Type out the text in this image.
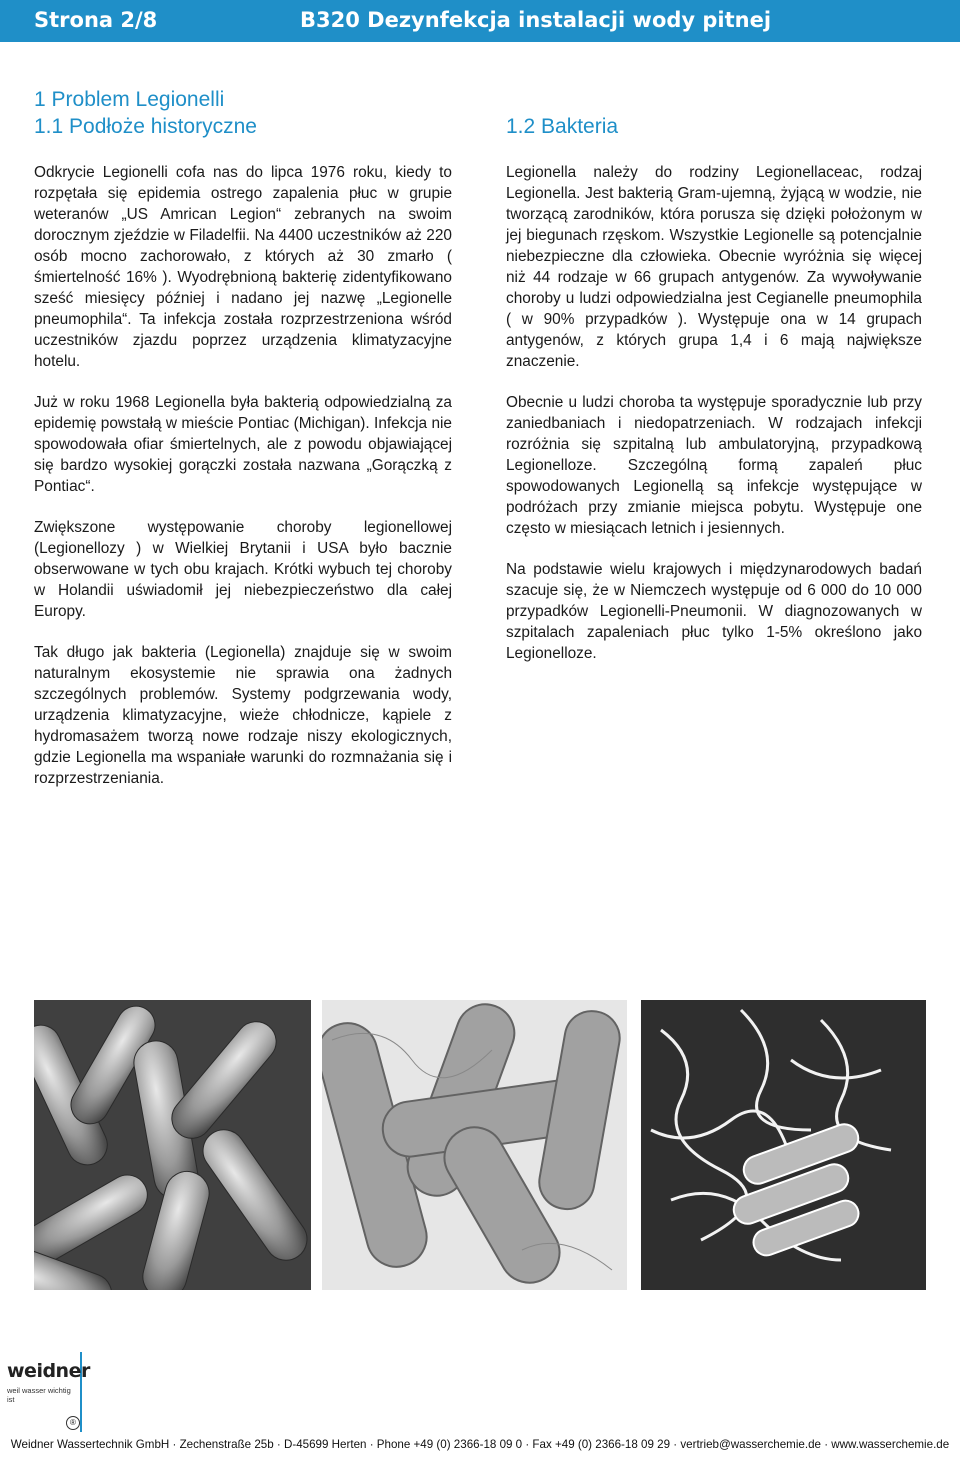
Strona 2/8	B320 Dezynfekcja instalacji wody pitnej
1 Problem Legionelli
1.1 Podłoże historyczne	1.2 Bakteria

Odkrycie Legionelli cofa nas do lipca 1976 roku, kiedy to rozpętała się epidemia ostrego zapalenia płuc w grupie weteranów „US Amrican Legion“ zebranych na swoim dorocznym zjeździe w Filadelfii. Na 4400 uczestników aż 220 osób mocno zachorowało, z których aż 30 zmarło ( śmiertelność 16% ). Wyodrębnioną bakterię zidentyfikowano sześć miesięcy później i nadano jej nazwę „Legionelle pneumophila“. Ta infekcja została rozprzestrzeniona wśród uczestników zjazdu poprzez urządzenia klimatyzacyjne hotelu.

Już w roku 1968 Legionella była bakterią odpowiedzialną za epidemię powstałą w mieście Pontiac (Michigan). Infekcja nie spowodowała ofiar śmiertelnych, ale z powodu objawiającej się bardzo wysokiej gorączki została nazwana „Gorączką z Pontiac“.

Zwiększone występowanie choroby legionellowej (Legionellozy ) w Wielkiej Brytanii i USA było bacznie obserwowane w tych obu krajach. Krótki wybuch tej choroby w Holandii uświadomił jej niebezpieczeństwo dla całej Europy.

Tak długo jak bakteria (Legionella) znajduje się w swoim naturalnym ekosystemie nie sprawia ona żadnych szczególnych problemów. Systemy podgrzewania wody, urządzenia klimatyzacyjne, wieże chłodnicze, kąpiele z hydromasażem tworzą nowe rodzaje niszy ekologicznych, gdzie Legionella ma wspaniałe warunki do rozmnażania się i rozprzestrzeniania.

Legionella należy do rodziny Legionellaceac, rodzaj Legionella. Jest bakterią Gram-ujemną, żyjącą w wodzie, nie tworzącą zarodników, która porusza się dzięki położonym w jej biegunach rzęskom. Wszystkie Legionelle są potencjalnie niebezpieczne dla człowieka. Obecnie wyróżnia się więcej niż 44 rodzaje w 66 grupach antygenów. Za wywoływanie choroby u ludzi odpowiedzialna jest Cegianelle pneumophila ( w 90% przypadków ). Występuje ona w 14 grupach antygenów, z których grupa 1,4 i 6 mają największe znaczenie.

Obecnie u ludzi choroba ta występuje sporadycznie lub przy zaniedbaniach i niedopatrzeniach. W rodzajach infekcji rozróżnia się szpitalną lub ambulatoryjną, przypadkową Legionelloze. Szczególną formą zapaleń płuc spowodowanych Legionellą są infekcje występujące w podróżach przy zmianie miejsca pobytu. Występuje one często w miesiącach letnich i jesiennych.

Na podstawie wielu krajowych i międzynarodowych badań szacuje się, że w Niemczech występuje od 6 000 do 10 000 przypadków Legionelli-Pneumonii. W diagnozowanych w szpitalach zapaleniach płuc tylko 1-5% określono jako Legionelloze.

weidner
weil wasser wichtig ist
®
Weidner Wassertechnik GmbH · Zechenstraße 25b · D-45699 Herten · Phone +49 (0) 2366-18 09 0 · Fax +49 (0) 2366-18 09 29 · vertrieb@wasserchemie.de · www.wasserchemie.de
